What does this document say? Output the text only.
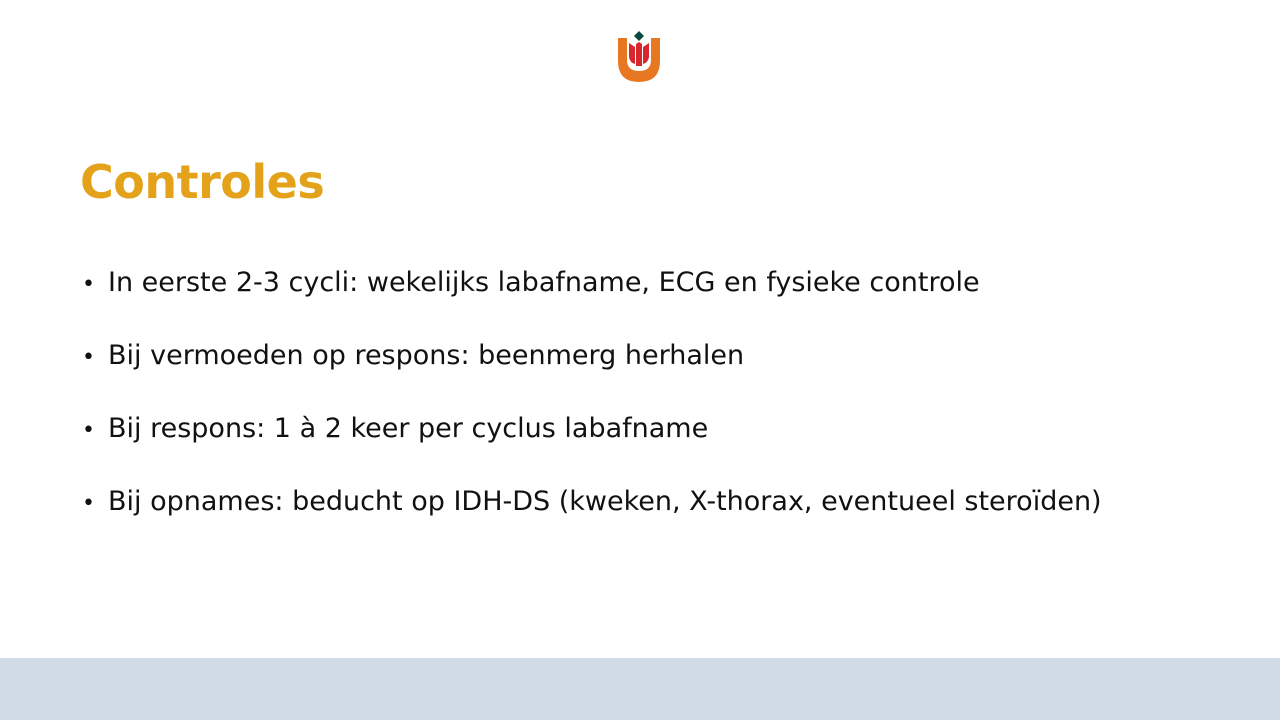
Controles
• In eerste 2-3 cycli: wekelijks labafname, ECG en fysieke controle
• Bij vermoeden op respons: beenmerg herhalen
• Bij respons: 1 à 2 keer per cyclus labafname
• Bij opnames: beducht op IDH-DS (kweken, X-thorax, eventueel steroïden)
